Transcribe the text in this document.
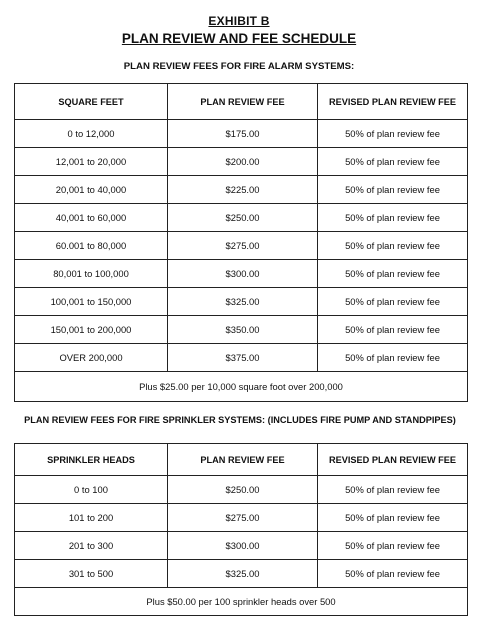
EXHIBIT B
PLAN REVIEW AND FEE SCHEDULE
PLAN REVIEW FEES FOR FIRE ALARM SYSTEMS:
SQUARE FEET	PLAN REVIEW FEE	REVISED PLAN REVIEW FEE
0 to 12,000	$175.00	50% of plan review fee
12,001 to 20,000	$200.00	50% of plan review fee
20,001 to 40,000	$225.00	50% of plan review fee
40,001 to 60,000	$250.00	50% of plan review fee
60.001 to 80,000	$275.00	50% of plan review fee
80,001 to 100,000	$300.00	50% of plan review fee
100,001 to 150,000	$325.00	50% of plan review fee
150,001 to 200,000	$350.00	50% of plan review fee
OVER 200,000	$375.00	50% of plan review fee
Plus $25.00 per 10,000 square foot over 200,000		
PLAN REVIEW FEES FOR FIRE SPRINKLER SYSTEMS: (INCLUDES FIRE PUMP AND STANDPIPES)
SPRINKLER HEADS	PLAN REVIEW FEE	REVISED PLAN REVIEW FEE
0 to 100	$250.00	50% of plan review fee
101 to 200	$275.00	50% of plan review fee
201 to 300	$300.00	50% of plan review fee
301 to 500	$325.00	50% of plan review fee
Plus $50.00 per 100 sprinkler heads over 500		
